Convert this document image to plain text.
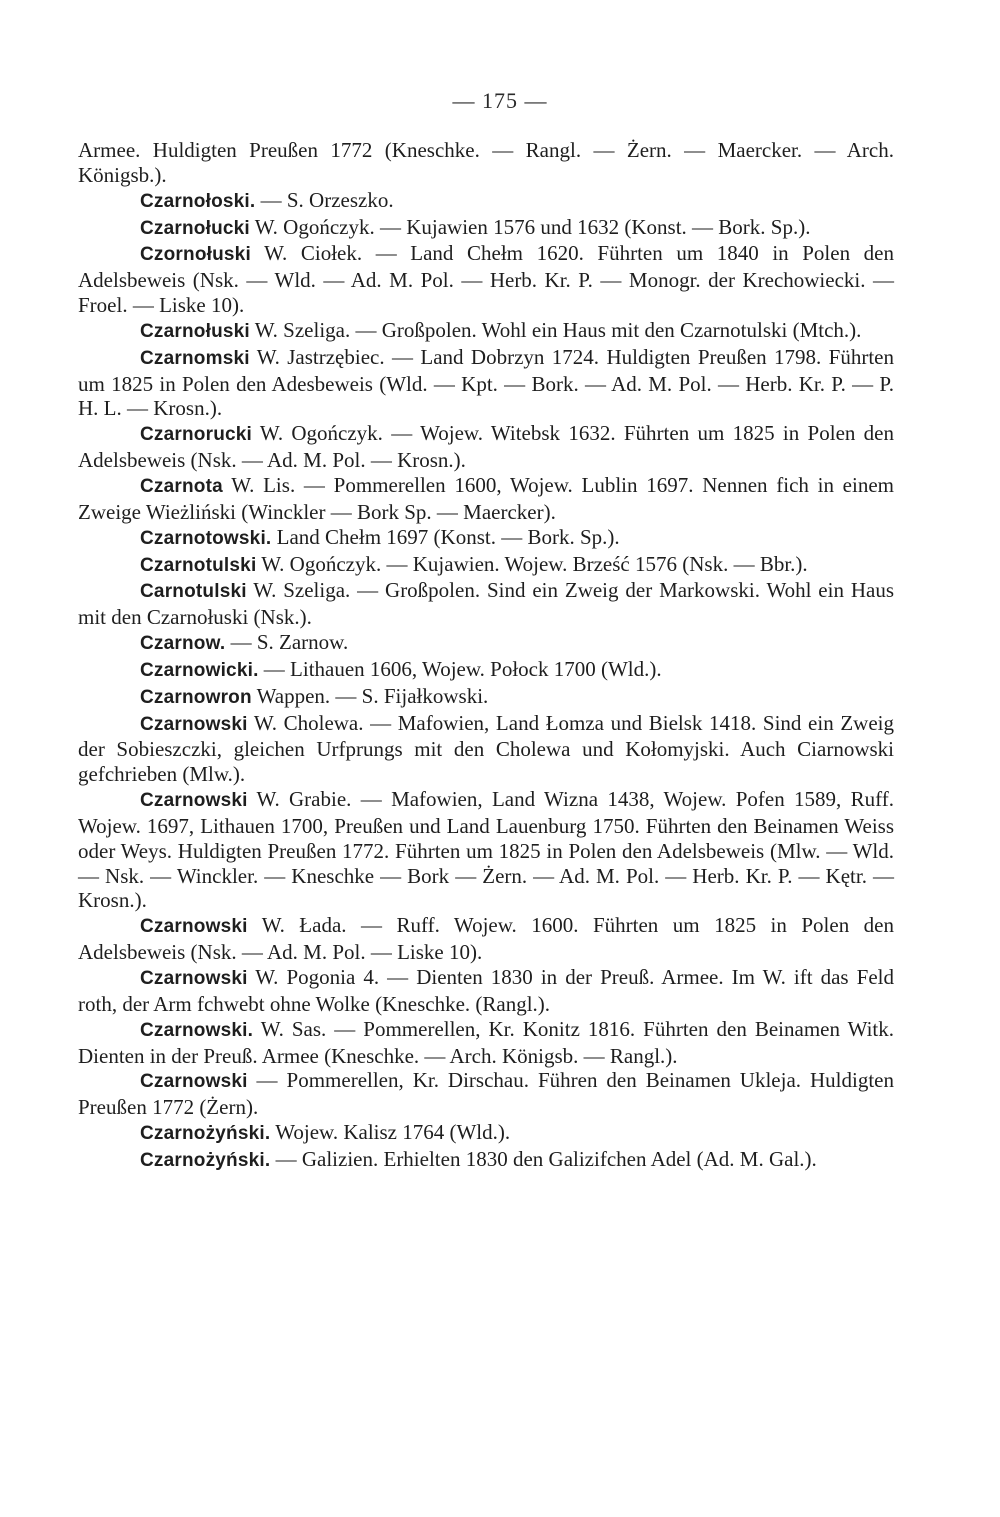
— 175 —

Armee. Huldigten Preußen 1772 (Kneschke. — Rangl. — Żern. — Maercker. — Arch. Königsb.).

Czarnołoski. — S. Orzeszko.

Czarnołucki W. Ogończyk. — Kujawien 1576 und 1632 (Konst. — Bork. Sp.).

Czornołuski W. Ciołek. — Land Chełm 1620. Führten um 1840 in Polen den Adelsbeweis (Nsk. — Wld. — Ad. M. Pol. — Herb. Kr. P. — Monogr. der Krechowiecki. — Froel. — Liske 10).

Czarnołuski W. Szeliga. — Großpolen. Wohl ein Haus mit den Czarnotulski (Mtch.).

Czarnomski W. Jastrzębiec. — Land Dobrzyn 1724. Huldigten Preußen 1798. Führten um 1825 in Polen den Adesbeweis (Wld. — Kpt. — Bork. — Ad. M. Pol. — Herb. Kr. P. — P. H. L. — Krosn.).

Czarnorucki W. Ogończyk. — Wojew. Witebsk 1632. Führten um 1825 in Polen den Adelsbeweis (Nsk. — Ad. M. Pol. — Krosn.).

Czarnota W. Lis. — Pommerellen 1600, Wojew. Lublin 1697. Nennen fich in einem Zweige Wieżliński (Winckler — Bork Sp. — Maercker).

Czarnotowski. Land Chełm 1697 (Konst. — Bork. Sp.).

Czarnotulski W. Ogończyk. — Kujawien. Wojew. Brześć 1576 (Nsk. — Bbr.).

Carnotulski W. Szeliga. — Großpolen. Sind ein Zweig der Markowski. Wohl ein Haus mit den Czarnołuski (Nsk.).

Czarnow. — S. Zarnow.

Czarnowicki. — Lithauen 1606, Wojew. Połock 1700 (Wld.).

Czarnowron Wappen. — S. Fijałkowski.

Czarnowski W. Cholewa. — Mafowien, Land Łomza und Bielsk 1418. Sind ein Zweig der Sobieszczki, gleichen Urfprungs mit den Cholewa und Kołomyjski. Auch Ciarnowski gefchrieben (Mlw.).

Czarnowski W. Grabie. — Mafowien, Land Wizna 1438, Wojew. Pofen 1589, Ruff. Wojew. 1697, Lithauen 1700, Preußen und Land Lauenburg 1750. Führten den Beinamen Weiss oder Weys. Huldigten Preußen 1772. Führten um 1825 in Polen den Adelsbeweis (Mlw. — Wld. — Nsk. — Winckler. — Kneschke — Bork — Żern. — Ad. M. Pol. — Herb. Kr. P. — Kętr. — Krosn.).

Czarnowski W. Łada. — Ruff. Wojew. 1600. Führten um 1825 in Polen den Adelsbeweis (Nsk. — Ad. M. Pol. — Liske 10).

Czarnowski W. Pogonia 4. — Dienten 1830 in der Preuß. Armee. Im W. ift das Feld roth, der Arm fchwebt ohne Wolke (Kneschke. (Rangl.).

Czarnowski. W. Sas. — Pommerellen, Kr. Konitz 1816. Führten den Beinamen Witk. Dienten in der Preuß. Armee (Kneschke. — Arch. Königsb. — Rangl.).

Czarnowski — Pommerellen, Kr. Dirschau. Führen den Beinamen Ukleja. Huldigten Preußen 1772 (Żern).

Czarnożyński. Wojew. Kalisz 1764 (Wld.).

Czarnożyński. — Galizien. Erhielten 1830 den Galizifchen Adel (Ad. M. Gal.).
